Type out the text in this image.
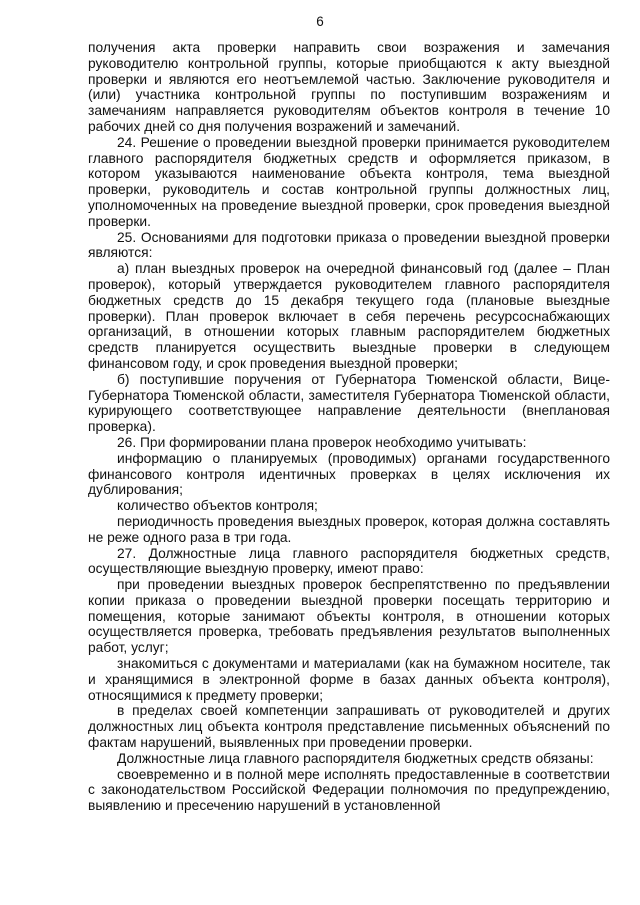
6

получения акта проверки направить свои возражения и замечания руководителю контрольной группы, которые приобщаются к акту выездной проверки и являются его неотъемлемой частью. Заключение руководителя и (или) участника контрольной группы по поступившим возражениям и замечаниям направляется руководителям объектов контроля в течение 10 рабочих дней со дня получения возражений и замечаний.

24. Решение о проведении выездной проверки принимается руководителем главного распорядителя бюджетных средств и оформляется приказом, в котором указываются наименование объекта контроля, тема выездной проверки, руководитель и состав контрольной группы должностных лиц, уполномоченных на проведение выездной проверки, срок проведения выездной проверки.

25. Основаниями для подготовки приказа о проведении выездной проверки являются:

а) план выездных проверок на очередной финансовый год (далее – План проверок), который утверждается руководителем главного распорядителя бюджетных средств до 15 декабря текущего года (плановые выездные проверки). План проверок включает в себя перечень ресурсоснабжающих организаций, в отношении которых главным распорядителем бюджетных средств планируется осуществить выездные проверки в следующем финансовом году, и срок проведения выездной проверки;

б) поступившие поручения от Губернатора Тюменской области, Вице-Губернатора Тюменской области, заместителя Губернатора Тюменской области, курирующего соответствующее направление деятельности (внеплановая проверка).

26. При формировании плана проверок необходимо учитывать:

информацию о планируемых (проводимых) органами государственного финансового контроля идентичных проверках в целях исключения их дублирования;

количество объектов контроля;

периодичность проведения выездных проверок, которая должна составлять не реже одного раза в три года.

27. Должностные лица главного распорядителя бюджетных средств, осуществляющие выездную проверку, имеют право:

при проведении выездных проверок беспрепятственно по предъявлении копии приказа о проведении выездной проверки посещать территорию и помещения, которые занимают объекты контроля, в отношении которых осуществляется проверка, требовать предъявления результатов выполненных работ, услуг;

знакомиться с документами и материалами (как на бумажном носителе, так и хранящимися в электронной форме в базах данных объекта контроля), относящимися к предмету проверки;

в пределах своей компетенции запрашивать от руководителей и других должностных лиц объекта контроля представление письменных объяснений по фактам нарушений, выявленных при проведении проверки.

Должностные лица главного распорядителя бюджетных средств обязаны:

своевременно и в полной мере исполнять предоставленные в соответствии с законодательством Российской Федерации полномочия по предупреждению, выявлению и пресечению нарушений в установленной
